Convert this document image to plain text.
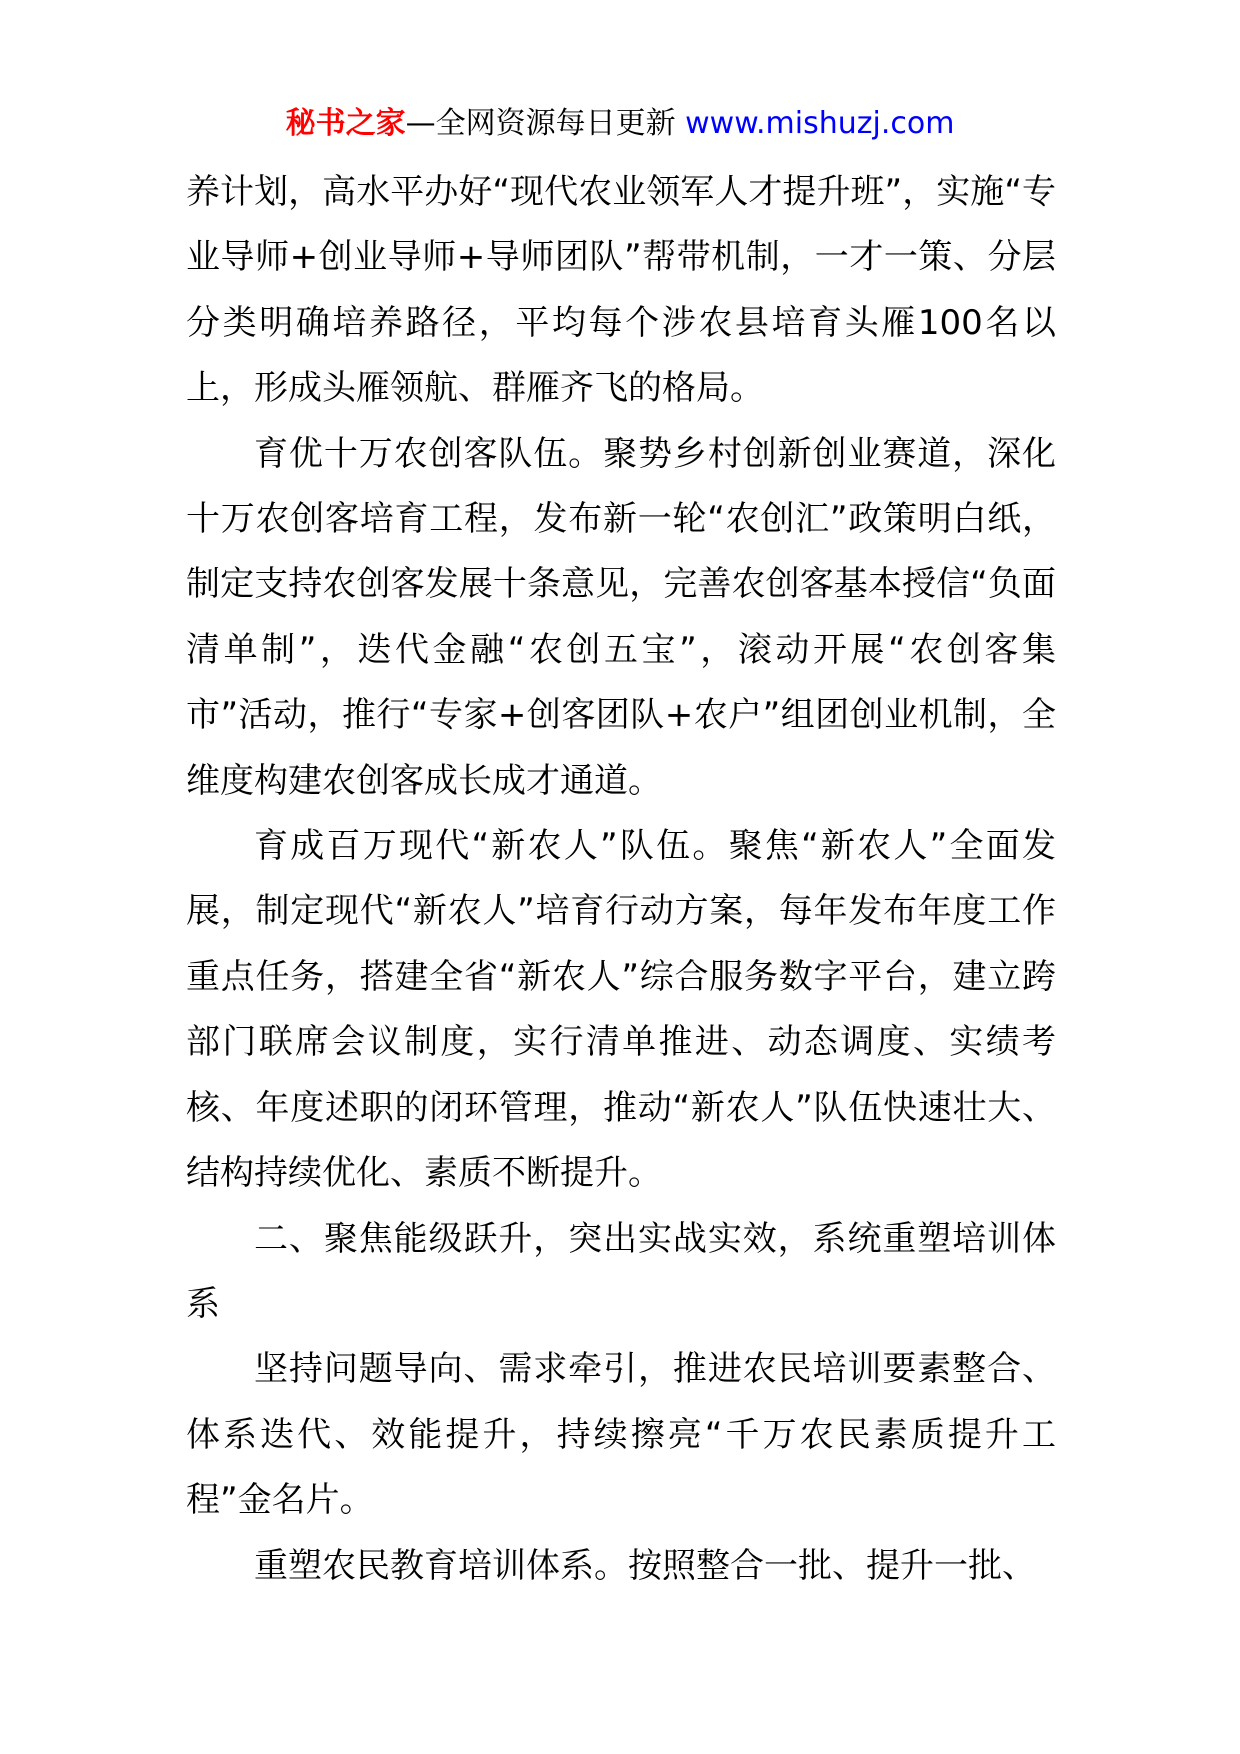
秘书之家—全网资源每日更新 www.mishuzj.com

养计划，高水平办好“现代农业领军人才提升班”，实施“专业导师+创业导师+导师团队”帮带机制，一才一策、分层分类明确培养路径，平均每个涉农县培育头雁100名以上，形成头雁领航、群雁齐飞的格局。

育优十万农创客队伍。聚势乡村创新创业赛道，深化十万农创客培育工程，发布新一轮“农创汇”政策明白纸，制定支持农创客发展十条意见，完善农创客基本授信“负面清单制”，迭代金融“农创五宝”，滚动开展“农创客集市”活动，推行“专家+创客团队+农户”组团创业机制，全维度构建农创客成长成才通道。

育成百万现代“新农人”队伍。聚焦“新农人”全面发展，制定现代“新农人”培育行动方案，每年发布年度工作重点任务，搭建全省“新农人”综合服务数字平台，建立跨部门联席会议制度，实行清单推进、动态调度、实绩考核、年度述职的闭环管理，推动“新农人”队伍快速壮大、结构持续优化、素质不断提升。

二、聚焦能级跃升，突出实战实效，系统重塑培训体系

坚持问题导向、需求牵引，推进农民培训要素整合、体系迭代、效能提升，持续擦亮“千万农民素质提升工程”金名片。

重塑农民教育培训体系。按照整合一批、提升一批、
